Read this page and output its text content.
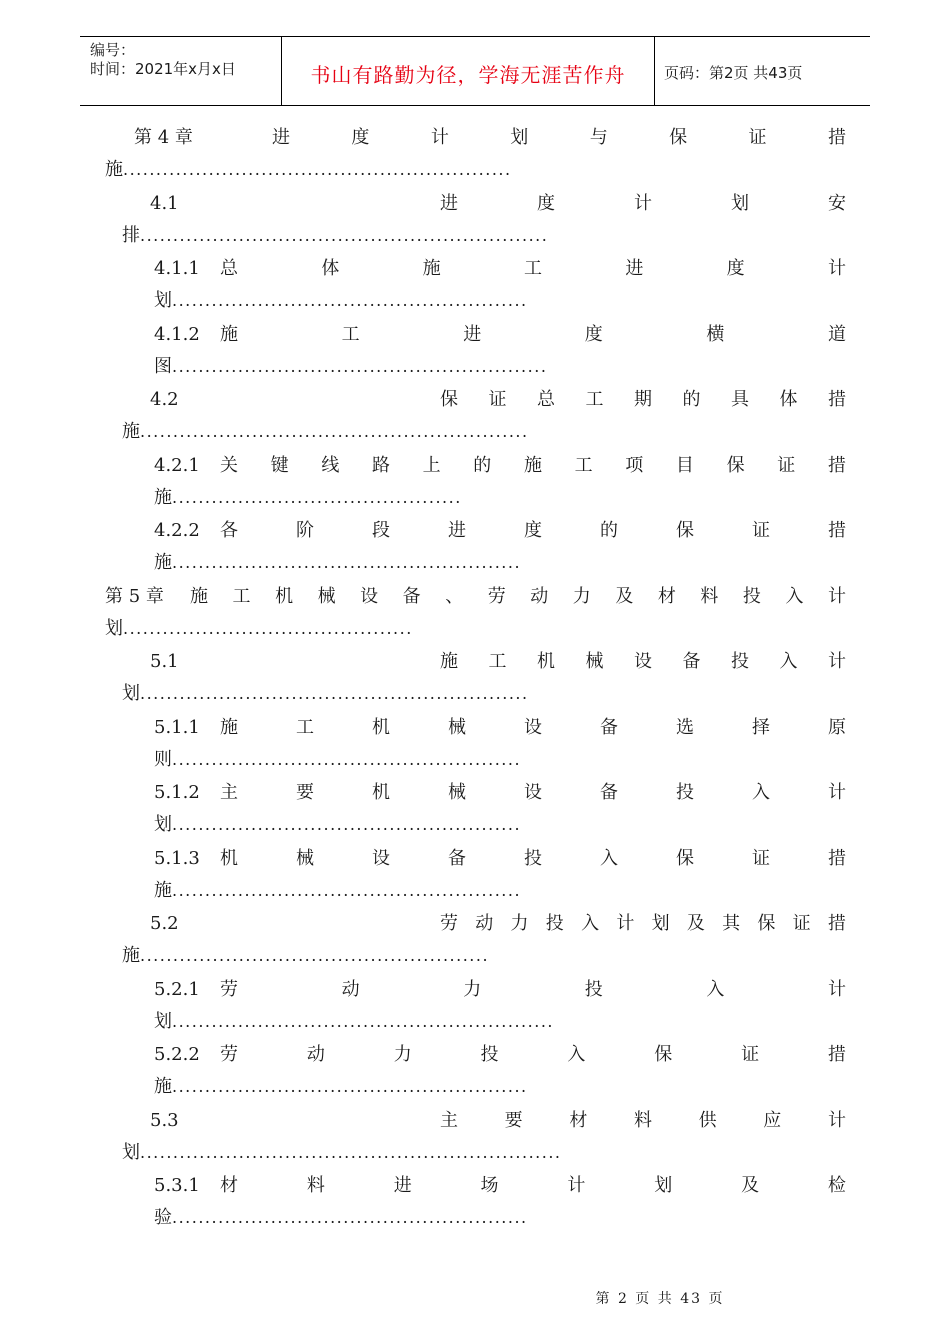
编号：
时间：2021年x月x日	书山有路勤为径，学海无涯苦作舟	页码：第2页 共43页
第 4 章	进	度	计	划	与	保	证	措
施...........................................................
4.1	进	度	计	划	安
排..............................................................
4.1.1 总	体	施	工	进	度	计
划......................................................
4.1.2 施	工	进	度	横	道
图.........................................................
4.2	保 证 总 工 期 的 具 体 措
施...........................................................
4.2.1 关 键 线 路 上 的 施 工 项 目 保 证 措
施............................................
4.2.2 各	阶	段	进	度	的	保	证	措
施.....................................................
第 5 章 施 工 机 械 设 备 、 劳 动 力 及 材 料 投 入 计
划............................................
5.1	施 工 机 械 设 备 投 入 计
划...........................................................
5.1.1 施	工	机	械	设	备	选	择	原
则.....................................................
5.1.2 主	要	机	械	设	备	投	入	计
划.....................................................
5.1.3 机	械	设	备	投	入	保	证	措
施.....................................................
5.2	劳 动 力 投 入 计 划 及 其 保 证 措
施.....................................................
5.2.1 劳	动	力	投	入	计
划..........................................................
5.2.2 劳	动	力	投	入	保	证	措
施......................................................
5.3	主	要	材	料	供	应	计
划................................................................
5.3.1 材	料	进	场	计	划	及	检
验......................................................
第 2 页 共 43 页
